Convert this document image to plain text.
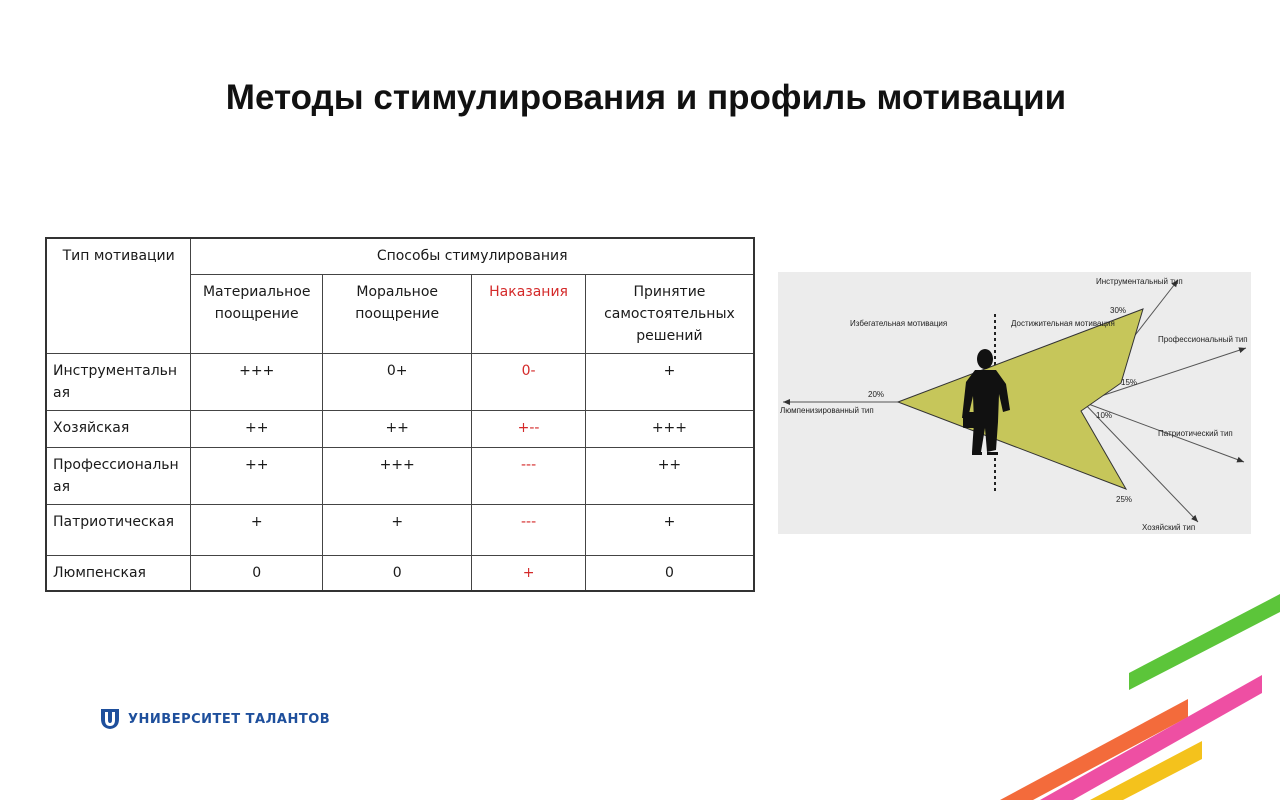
Методы стимулирования и профиль мотивации
Тип мотивации	Способы стимулирования			
	Материальное поощрение	Моральное поощрение	Наказания	Принятие самостоятельных решений
Инструментальная	+++	0+	0-	+
Хозяйская	++	++	+--	+++
Профессиональная	++	+++	---	++
Патриотическая	+	+	---	+
Люмпенская	0	0	+	0
Избегательная мотивация	Достижительная мотивация
Инструментальный тип
Профессиональный тип
Патриотический тип
Хозяйский тип
Люмпенизированный тип
30%
15%
10%
25%
20%
УНИВЕРСИТЕТ ТАЛАНТОВ
